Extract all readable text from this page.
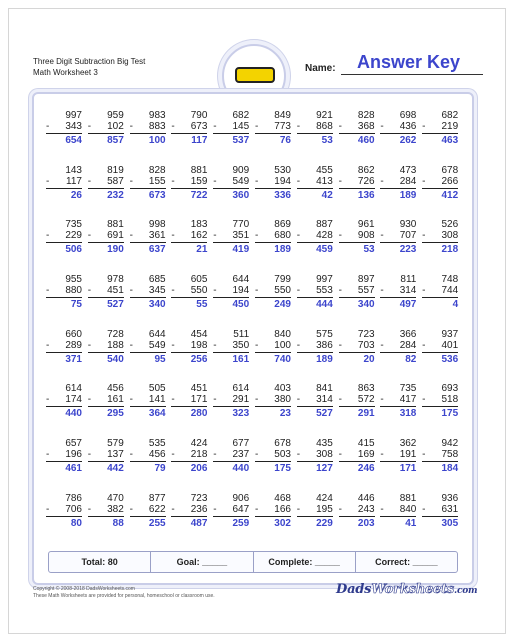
Three Digit Subtraction Big Test
Math Worksheet 3	Name: Answer Key
997
- 343
654
959
- 102
857
983
- 883
100
790
- 673
117
682
- 145
537
849
- 773
76
921
- 868
53
828
- 368
460
698
- 436
262
682
- 219
463
143
- 117
26
819
- 587
232
828
- 155
673
881
- 159
722
909
- 549
360
530
- 194
336
455
- 413
42
862
- 726
136
473
- 284
189
678
- 266
412
735
- 229
506
881
- 691
190
998
- 361
637
183
- 162
21
770
- 351
419
869
- 680
189
887
- 428
459
961
- 908
53
930
- 707
223
526
- 308
218
955
- 880
75
978
- 451
527
685
- 345
340
605
- 550
55
644
- 194
450
799
- 550
249
997
- 553
444
897
- 557
340
811
- 314
497
748
- 744
4
660
- 289
371
728
- 188
540
644
- 549
95
454
- 198
256
511
- 350
161
840
- 100
740
575
- 386
189
723
- 703
20
366
- 284
82
937
- 401
536
614
- 174
440
456
- 161
295
505
- 141
364
451
- 171
280
614
- 291
323
403
- 380
23
841
- 314
527
863
- 572
291
735
- 417
318
693
- 518
175
657
- 196
461
579
- 137
442
535
- 456
79
424
- 218
206
677
- 237
440
678
- 503
175
435
- 308
127
415
- 169
246
362
- 191
171
942
- 758
184
786
- 706
80
470
- 382
88
877
- 622
255
723
- 236
487
906
- 647
259
468
- 166
302
424
- 195
229
446
- 243
203
881
- 840
41
936
- 631
305
Total: 80	Goal: _____	Complete: _____	Correct: _____
Copyright © 2008-2018 DadsWorksheets.com
These Math Worksheets are provided for personal, homeschool or classroom use.	DadsWorksheets.com
